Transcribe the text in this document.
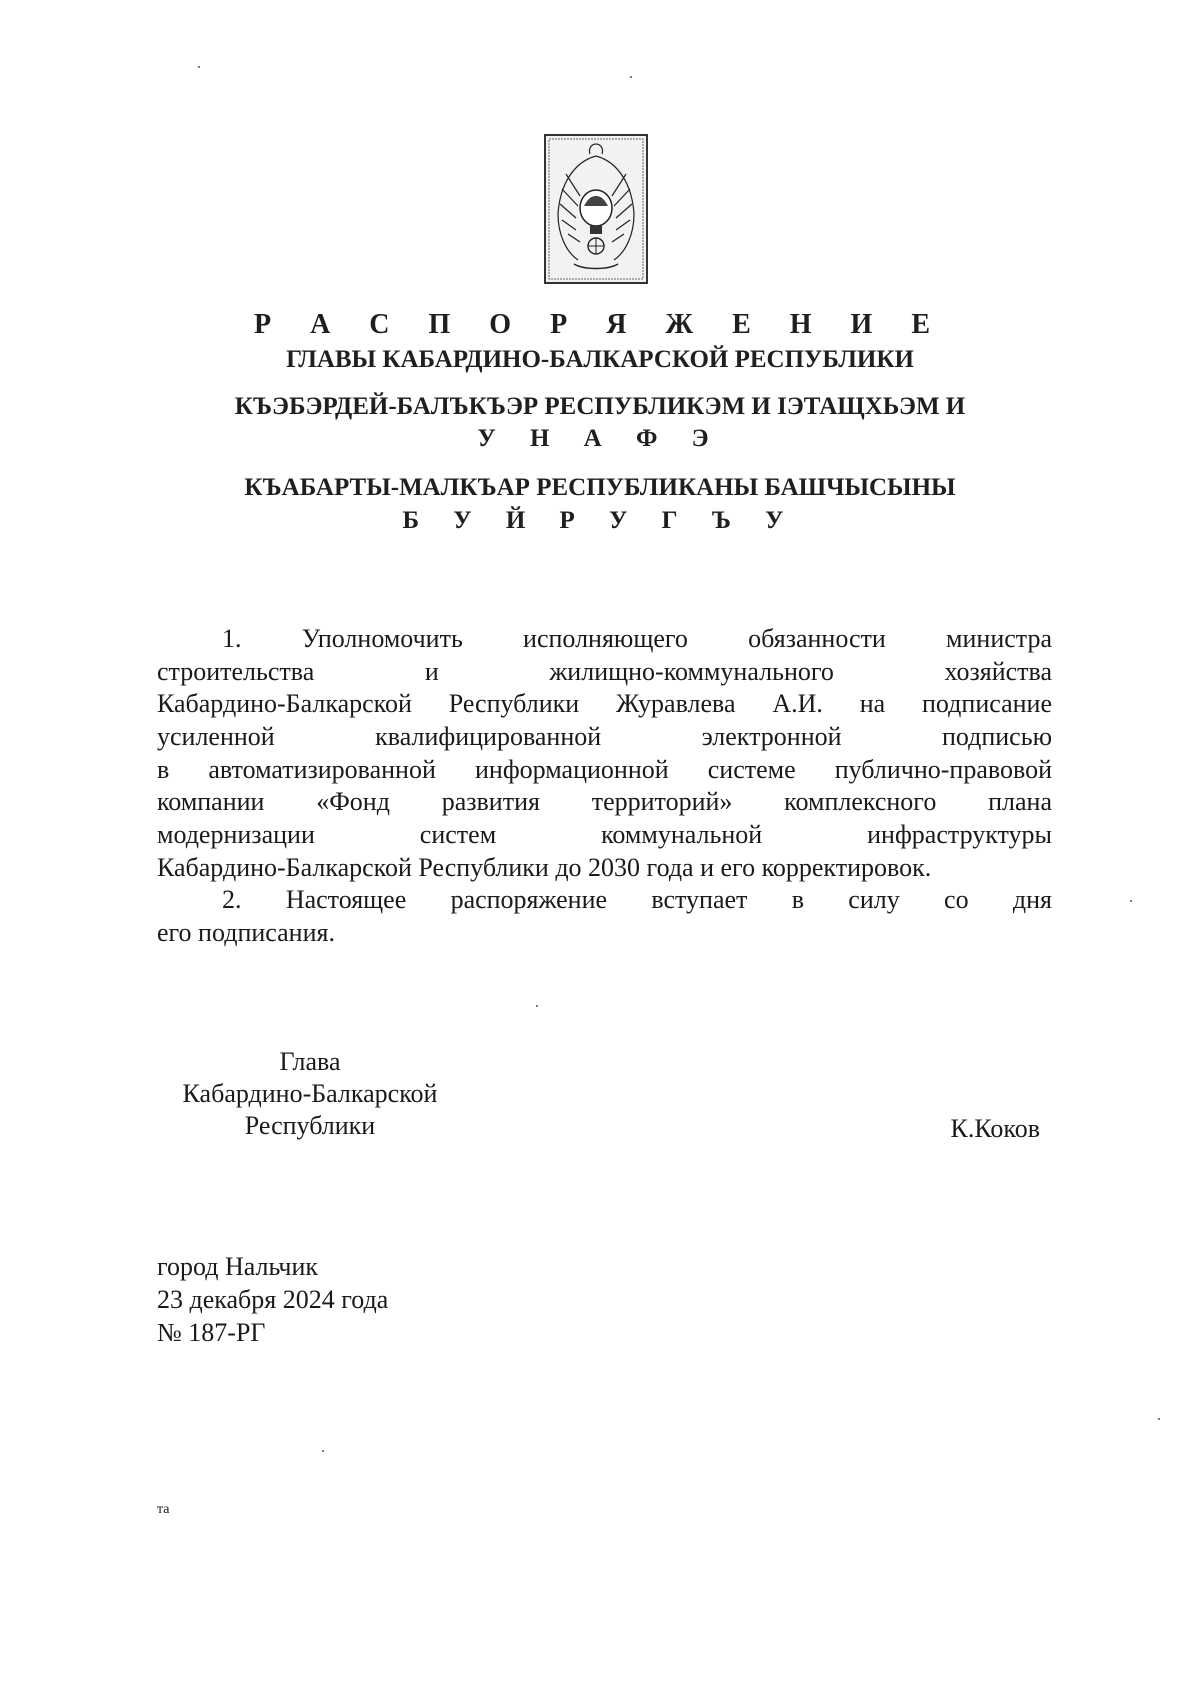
Р А С П О Р Я Ж Е Н И Е
ГЛАВЫ КАБАРДИНО-БАЛКАРСКОЙ РЕСПУБЛИКИ
КЪЭБЭРДЕЙ-БАЛЪКЪЭР РЕСПУБЛИКЭМ И IЭТАЩХЬЭМ И
У Н А Ф Э
КЪАБАРТЫ-МАЛКЪАР РЕСПУБЛИКАНЫ БАШЧЫСЫНЫ
Б У Й Р У Г Ъ У
1. Уполномочить исполняющего обязанности министра
строительства и жилищно-коммунального хозяйства
Кабардино-Балкарской Республики Журавлева А.И. на подписание
усиленной квалифицированной электронной подписью
в автоматизированной информационной системе публично-правовой
компании «Фонд развития территорий» комплексного плана
модернизации систем коммунальной инфраструктуры
Кабардино-Балкарской Республики до 2030 года и его корректировок.
2. Настоящее распоряжение вступает в силу со дня
его подписания.
Глава
Кабардино-Балкарской
Республики	К.Коков
город Нальчик
23 декабря 2024 года
№ 187-РГ
та
